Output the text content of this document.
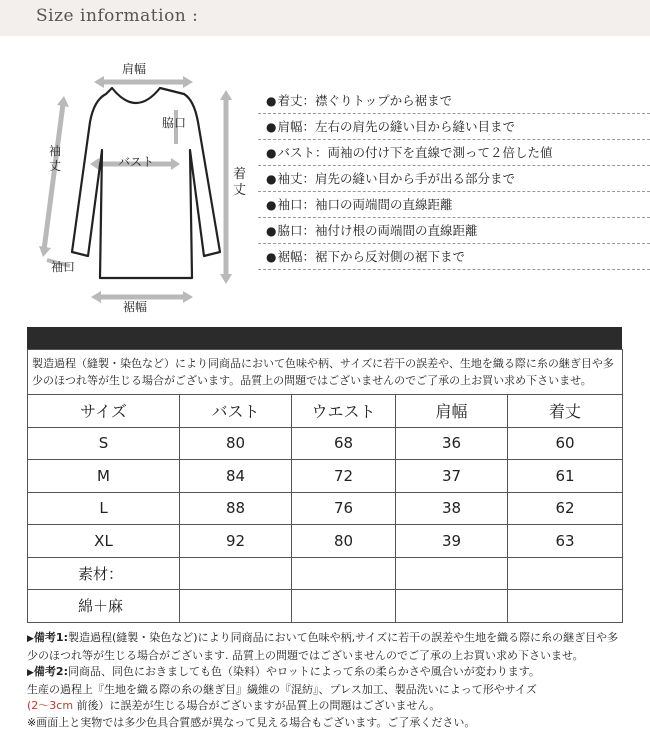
Size information :
肩幅
脇口
袖
丈	バスト
着
丈
袖口
裾幅
●着丈：襟ぐりトップから裾まで
●肩幅：左右の肩先の縫い目から縫い目まで
●バスト：両袖の付け下を直線で測って２倍した値
●袖丈：肩先の縫い目から手が出る部分まで
●袖口：袖口の両端間の直線距離
●脇口：袖付け根の両端間の直線距離
●裾幅：裾下から反対側の裾下まで
製造過程（縫製・染色など）により同商品において色味や柄、サイズに若干の誤差や、生地を織る際に糸の継ぎ目や多少のほつれ等が生じる場合がございます。品質上の問題ではございませんのでご了承の上お買い求め下さいませ。				
サイズ	バスト	ウエスト	肩幅	着丈
S	80	68	36	60
M	84	72	37	61
L	88	76	38	62
XL	92	80	39	63
素材：				
綿＋麻				
▶備考1:製造過程(縫製・染色など)により同商品において色味や柄,サイズに若干の誤差や生地を織る際に糸の継ぎ目や多少のほつれ等が生じる場合がございます. 品質上の問題ではございませんのでご了承の上お買い求め下さいませ。
▶備考2:同商品、同色におきましても色（染料）やロットによって糸の柔らかさや風合いが変わります。
生産の過程上『生地を織る際の糸の継ぎ目』繊維の『混紡』、プレス加工、製品洗いによって形やサイズ
(2～3cm 前後）に誤差が生じる場合がございますが品質上の問題はございません。
※画面上と実物では多少色具合質感が異なって見える場合もございます。ご了承ください。
